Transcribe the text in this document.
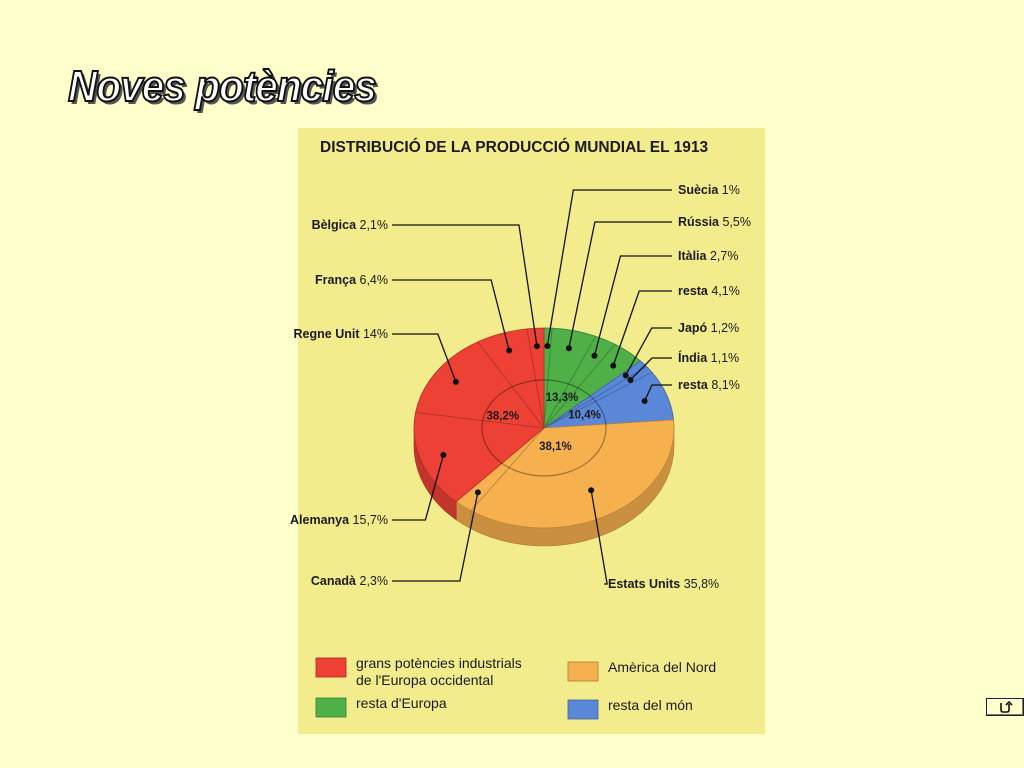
Noves potències
DISTRIBUCIÓ DE LA PRODUCCIÓ MUNDIAL EL 1913
38,2%
13,3%
10,4%
38,1%
Suècia 1%
Rússia 5,5%
Itàlia 2,7%
resta 4,1%
Japó 1,2%
Índia 1,1%
resta 8,1%
Estats Units 35,8%
Canadà 2,3%
Alemanya 15,7%
Regne Unit 14%
França 6,4%
Bèlgica 2,1%
grans potències industrials
de l'Europa occidental
resta d'Europa	resta del món
Amèrica del Nord
